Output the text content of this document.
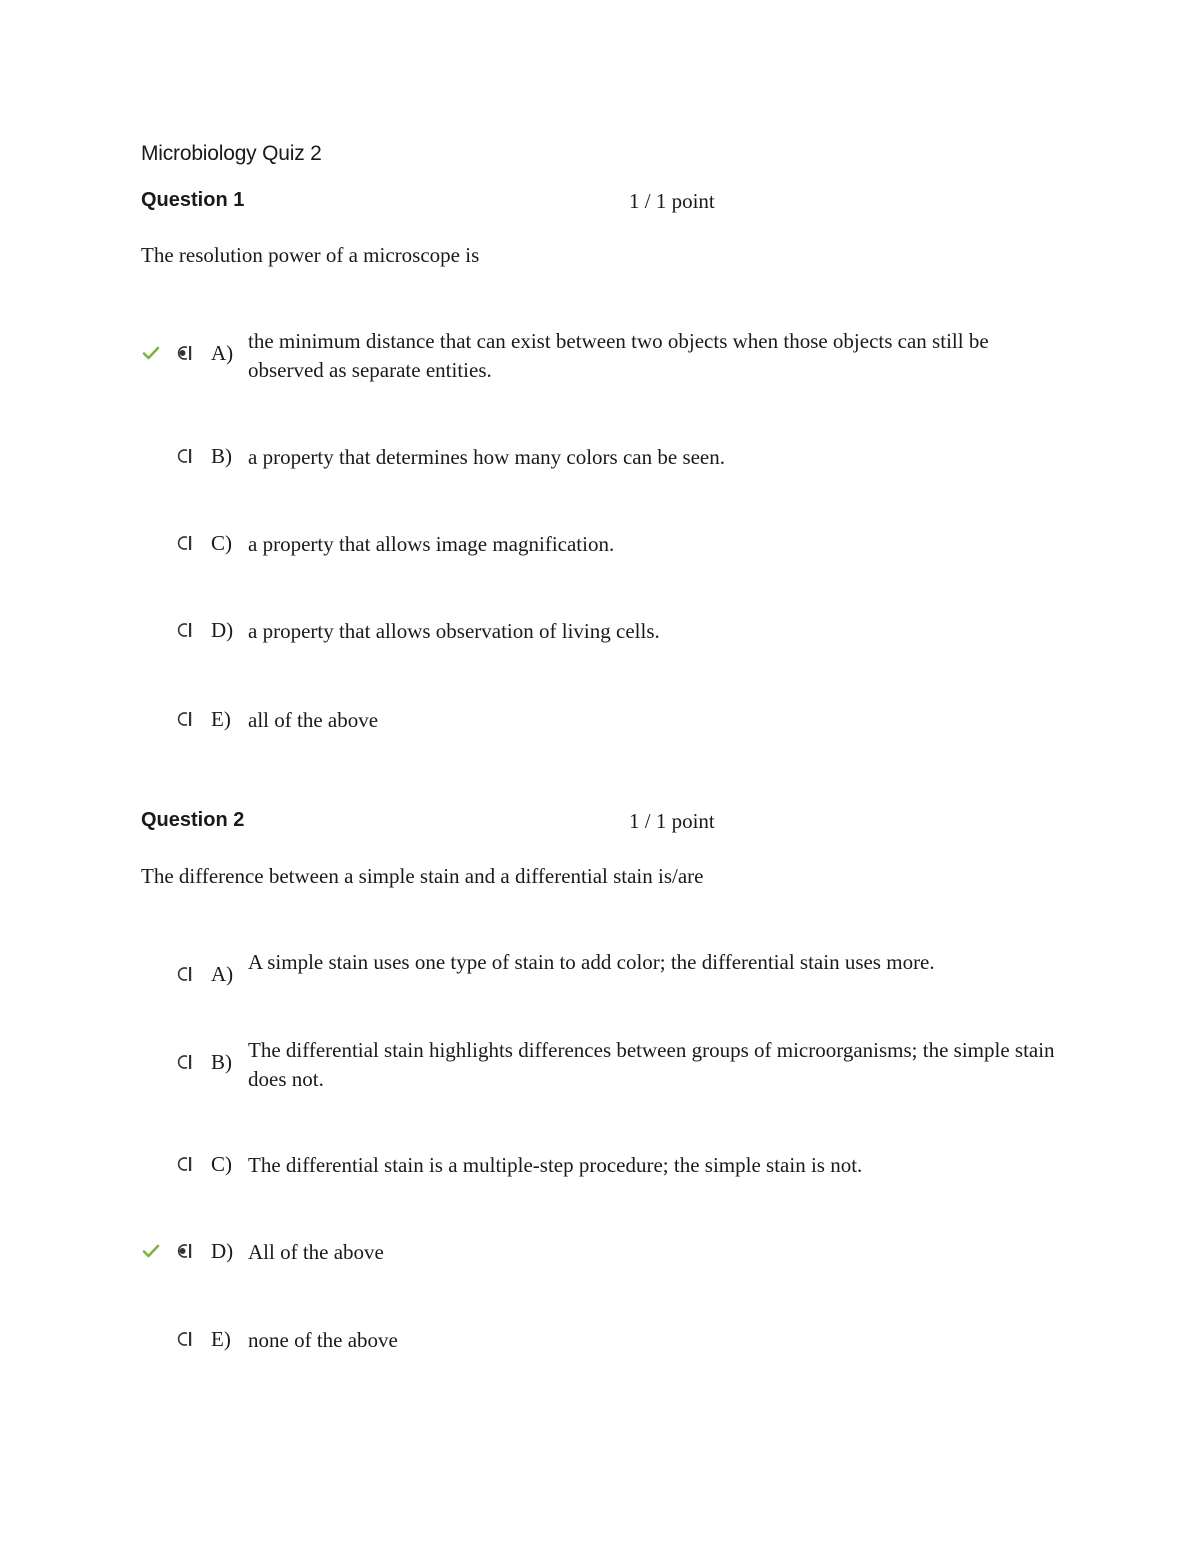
Microbiology Quiz 2
Question 1	1 / 1 point
The resolution power of a microscope is
A) the minimum distance that can exist between two objects when those objects can still be observed as separate entities.
B) a property that determines how many colors can be seen.
C) a property that allows image magnification.
D) a property that allows observation of living cells.
E) all of the above
Question 2	1 / 1 point
The difference between a simple stain and a differential stain is/are
A) A simple stain uses one type of stain to add color; the differential stain uses more.
B) The differential stain highlights differences between groups of microorganisms; the simple stain does not.
C) The differential stain is a multiple-step procedure; the simple stain is not.
D) All of the above
E) none of the above
